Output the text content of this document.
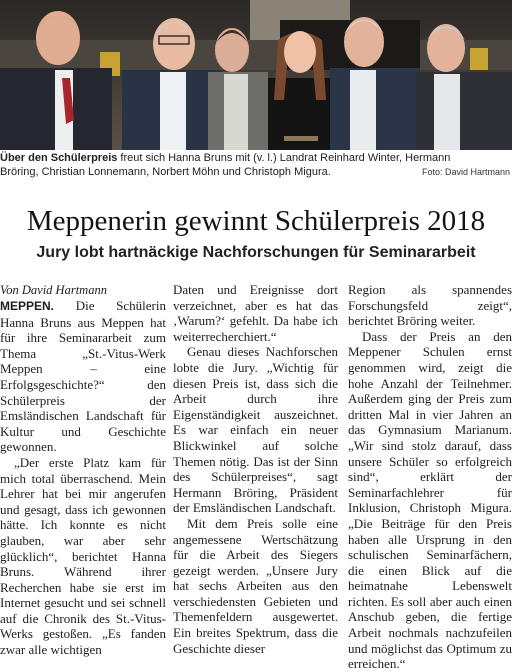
Über den Schülerpreis freut sich Hanna Bruns mit (v. l.) Landrat Reinhard Winter, Hermann
Bröring, Christian Lonnemann, Norbert Möhn und Christoph Migura.	Foto: David Hartmann
Meppenerin gewinnt Schülerpreis 2018
Jury lobt hartnäckige Nachforschungen für Seminararbeit

Von David Hartmann

MEPPEN. Die Schülerin Hanna Bruns aus Meppen hat für ihre Seminararbeit zum Thema „St.-Vitus-Werk Meppen – eine Erfolgsgeschichte?“ den Schülerpreis der Emsländischen Landschaft für Kultur und Geschichte gewonnen.

„Der erste Platz kam für mich total überraschend. Mein Lehrer hat bei mir angerufen und gesagt, dass ich gewonnen hätte. Ich konnte es nicht glauben, war aber sehr glücklich“, berichtet Hanna Bruns. Während ihrer Recherchen habe sie erst im Internet gesucht und sei schnell auf die Chronik des St.-Vitus-Werks gestoßen. „Es fanden zwar alle wichtigen

Daten und Ereignisse dort verzeichnet, aber es hat das ‚Warum?‘ gefehlt. Da habe ich weiterrecherchiert.“

Genau dieses Nachforschen lobte die Jury. „Wichtig für diesen Preis ist, dass sich die Arbeit durch ihre Eigenständigkeit auszeichnet. Es war einfach ein neuer Blickwinkel auf solche Themen nötig. Das ist der Sinn des Schülerpreises“, sagt Hermann Bröring, Präsident der Emsländischen Landschaft.

Mit dem Preis solle eine angemessene Wertschätzung für die Arbeit des Siegers gezeigt werden. „Unsere Jury hat sechs Arbeiten aus den verschiedensten Gebieten und Themenfeldern ausgewertet. Ein breites Spektrum, dass die Geschichte dieser

Region als spannendes Forschungsfeld zeigt“, berichtet Bröring weiter.

Dass der Preis an den Meppener Schulen ernst genommen wird, zeigt die hohe Anzahl der Teilnehmer. Außerdem ging der Preis zum dritten Mal in vier Jahren an das Gymnasium Marianum. „Wir sind stolz darauf, dass unsere Schüler so erfolgreich sind“, erklärt der Seminarfachlehrer für Inklusion, Christoph Migura. „Die Beiträge für den Preis haben alle Ursprung in den schulischen Seminarfächern, die einen Blick auf die heimatnahe Lebenswelt richten. Es soll aber auch einen Anschub geben, die fertige Arbeit nochmals nachzufeilen und möglichst das Optimum zu erreichen.“
